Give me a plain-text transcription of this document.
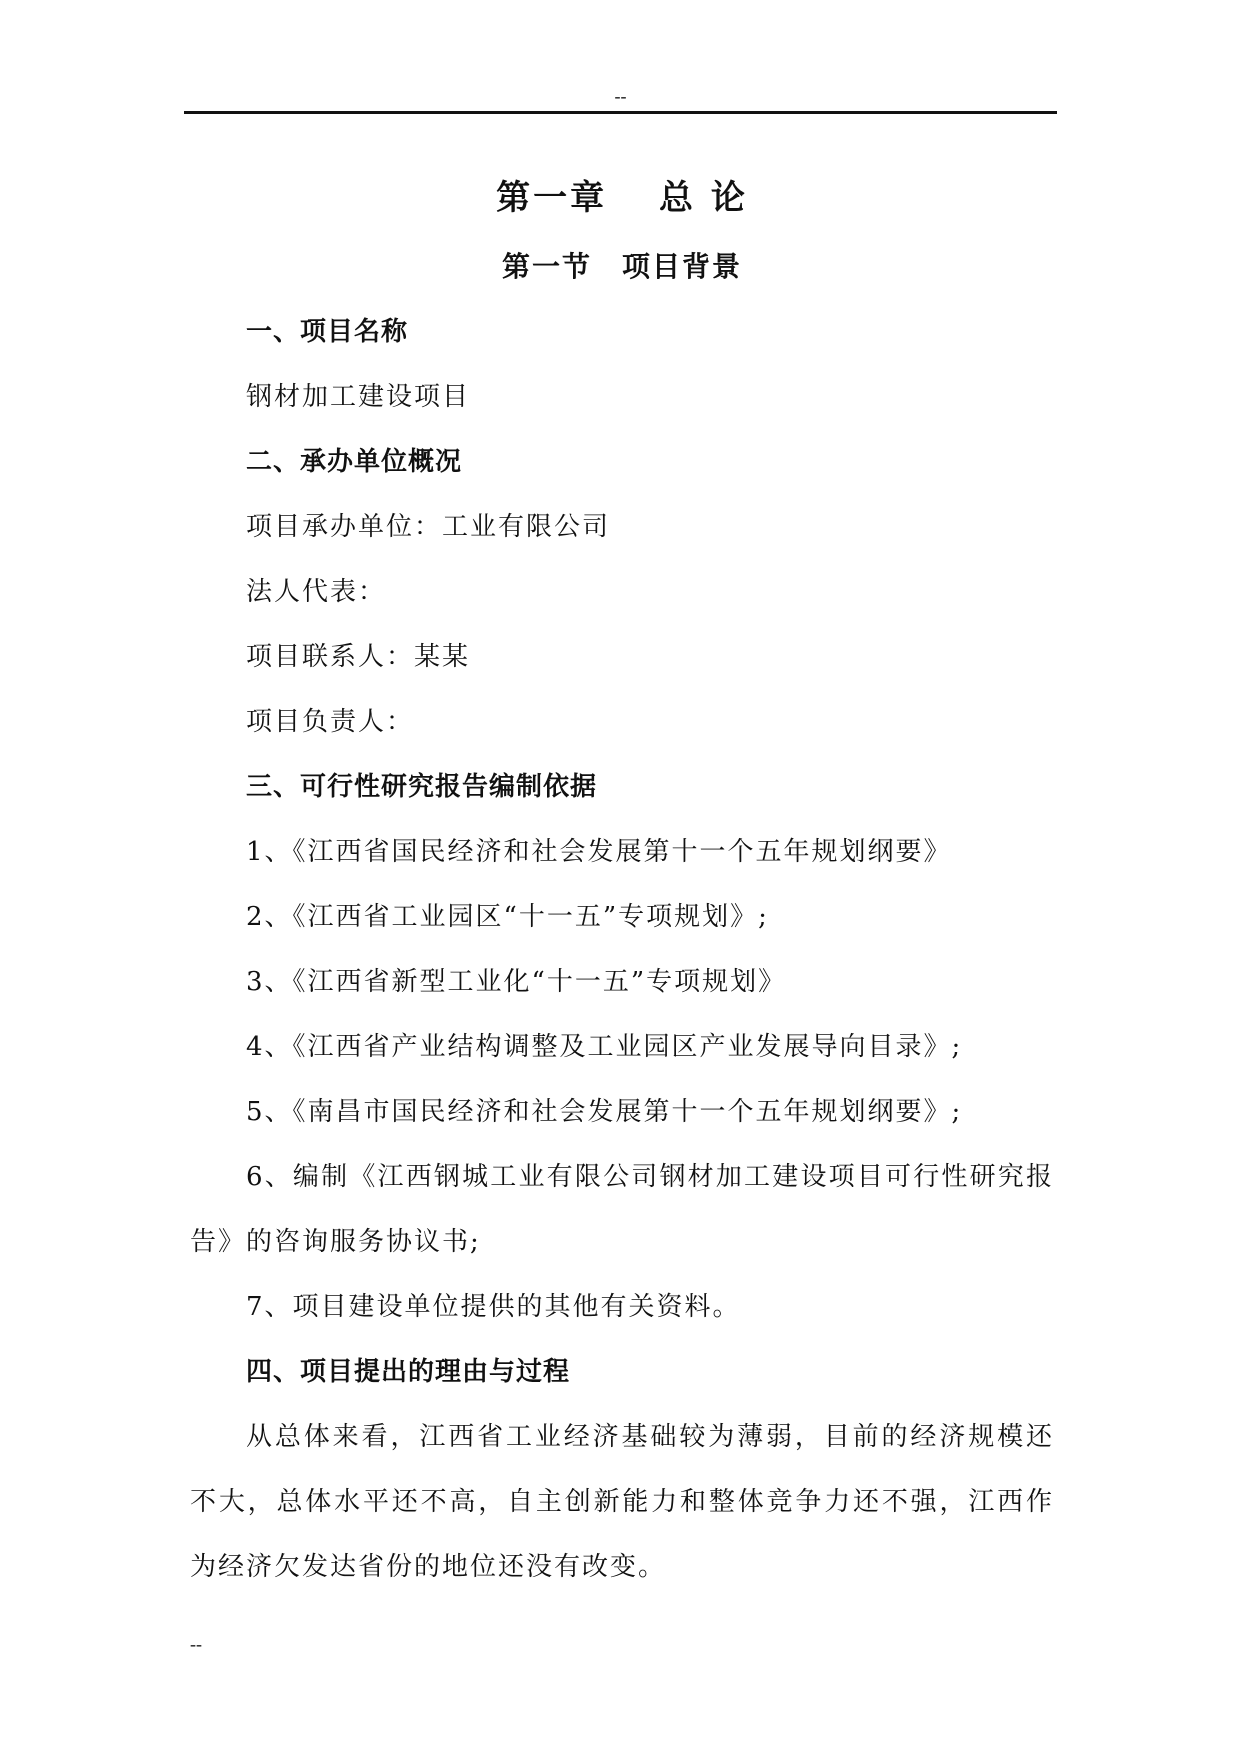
--
第一章　 总 论
第一节　项目背景
一、项目名称
钢材加工建设项目
二、承办单位概况
项目承办单位：工业有限公司
法人代表：
项目联系人：某某
项目负责人：
三、可行性研究报告编制依据
1、《江西省国民经济和社会发展第十一个五年规划纲要》
2、《江西省工业园区“十一五”专项规划》;
3、《江西省新型工业化“十一五”专项规划》
4、《江西省产业结构调整及工业园区产业发展导向目录》;
5、《南昌市国民经济和社会发展第十一个五年规划纲要》;
6、编制《江西钢城工业有限公司钢材加工建设项目可行性研究报告》的咨询服务协议书;
7、项目建设单位提供的其他有关资料。
四、项目提出的理由与过程
从总体来看，江西省工业经济基础较为薄弱，目前的经济规模还不大，总体水平还不高，自主创新能力和整体竞争力还不强，江西作为经济欠发达省份的地位还没有改变。
--
